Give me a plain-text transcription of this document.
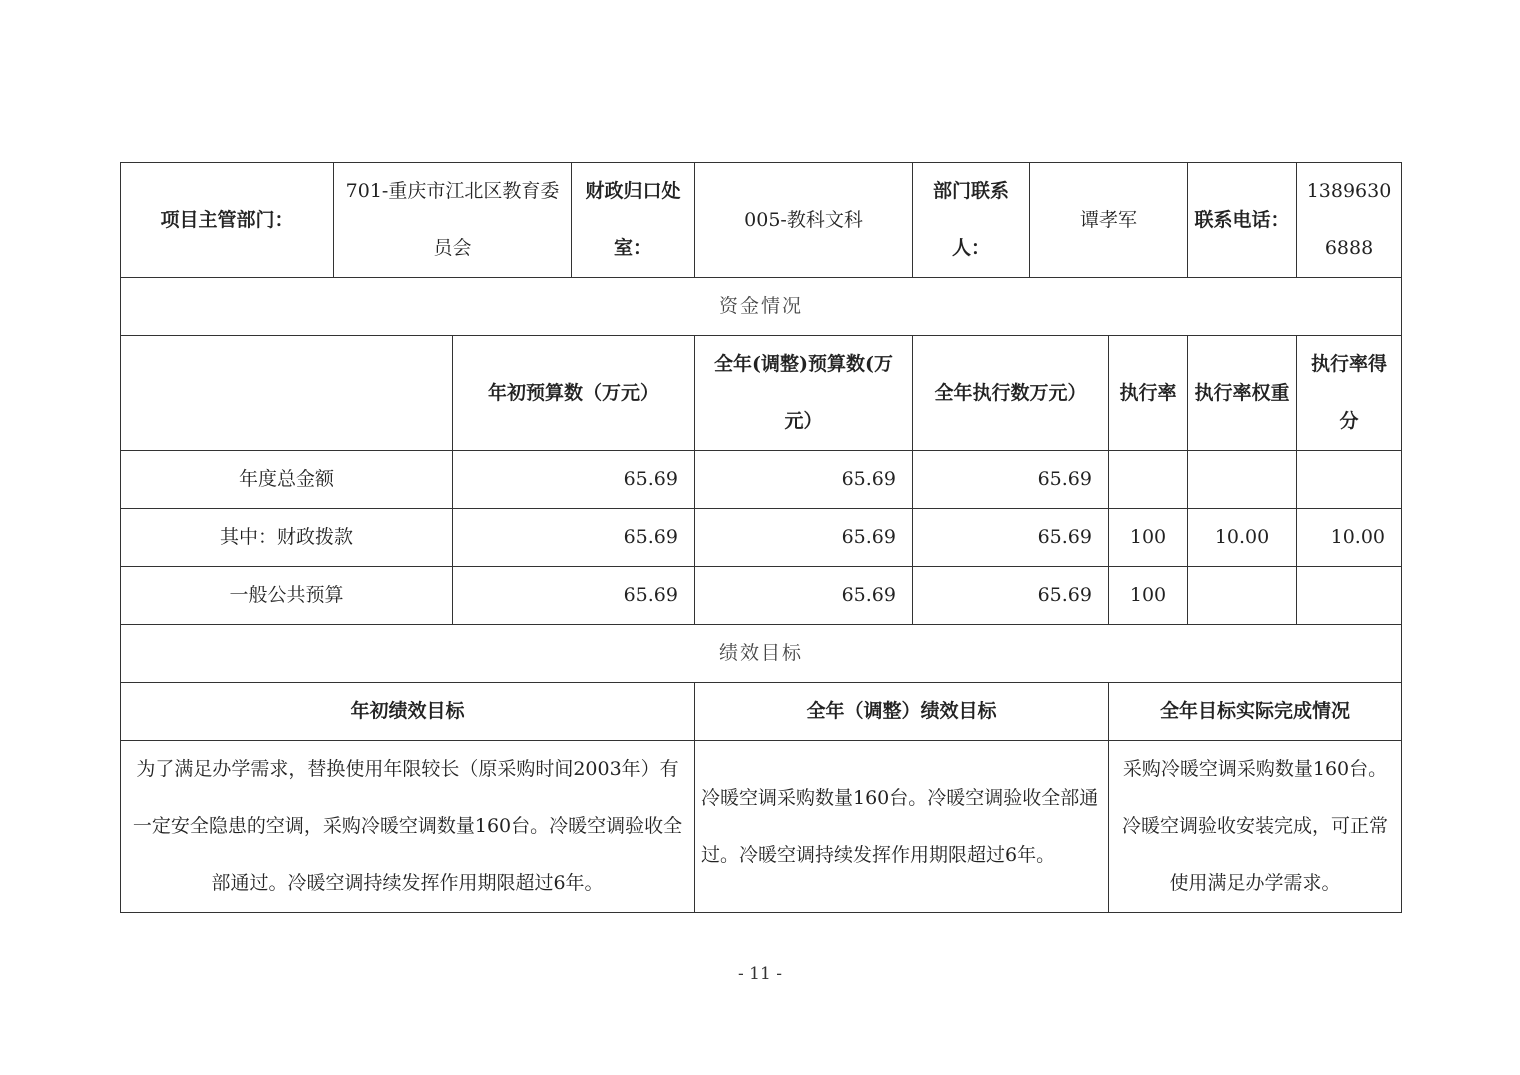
项目主管部门：	701-重庆市江北区教育委员会		财政归口处室：	005-教科文科	部门联系人：	谭孝军		联系电话：	13896306888
资金情况									
		年初预算数（万元）		全年(调整)预算数(万元）	全年执行数万元）		执行率	执行率权重	执行率得分
年度总金额		65.69		65.69	65.69				
其中：财政拨款		65.69		65.69	65.69		100	10.00	10.00
一般公共预算		65.69		65.69	65.69		100		
绩效目标									
年初绩效目标				全年（调整）绩效目标			全年目标实际完成情况		
为了满足办学需求，替换使用年限较长（原采购时间2003年）有一定安全隐患的空调，采购冷暖空调数量160台。冷暖空调验收全部通过。冷暖空调持续发挥作用期限超过6年。				冷暖空调采购数量160台。冷暖空调验收全部通过。冷暖空调持续发挥作用期限超过6年。			采购冷暖空调采购数量160台。冷暖空调验收安装完成，可正常使用满足办学需求。		
- 11 -
